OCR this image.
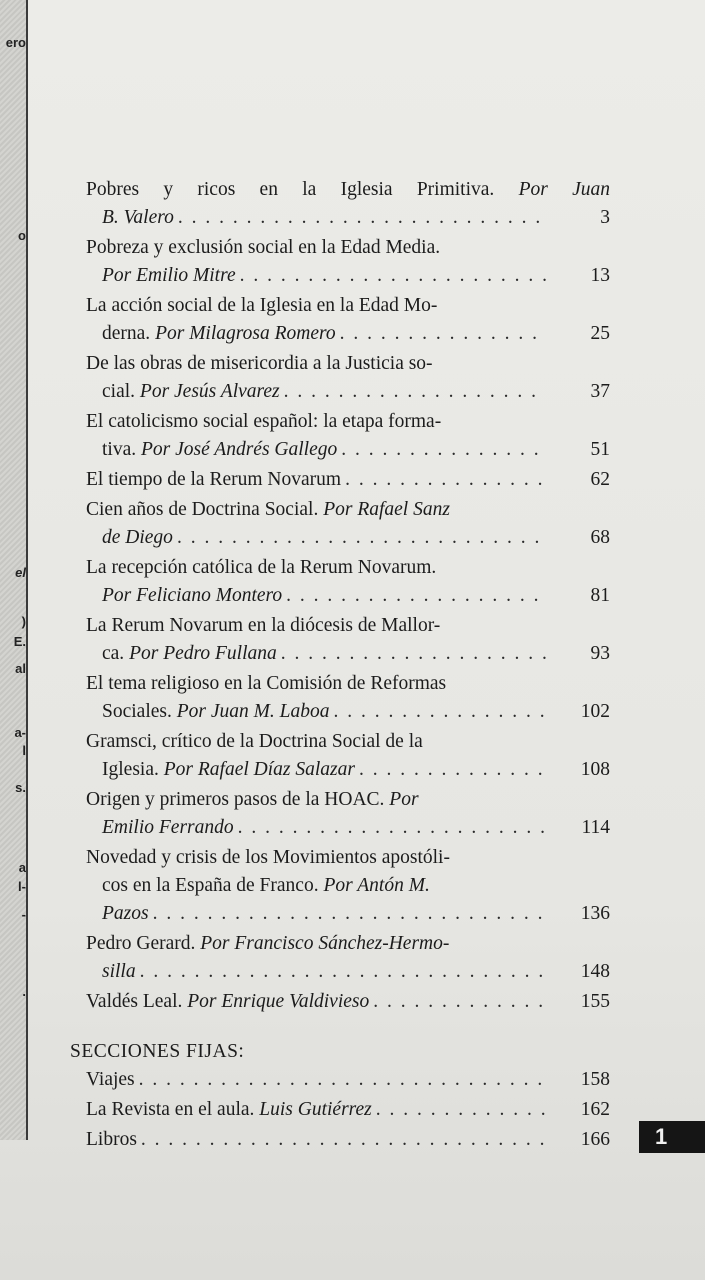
ero
o
el
)
E.
al
a-
l
s.
a
l-
-
.
Pobres y ricos en la Iglesia Primitiva. Por Juan
B. Valero . . .	3
Pobreza y exclusión social en la Edad Media.
Por Emilio Mitre . . .	13
La acción social de la Iglesia en la Edad Mo-
derna. Por Milagrosa Romero . . .	25
De las obras de misericordia a la Justicia so-
cial. Por Jesús Alvarez . . .	37
El catolicismo social español: la etapa forma-
tiva. Por José Andrés Gallego . . .	51
El tiempo de la Rerum Novarum . . .	62
Cien años de Doctrina Social. Por Rafael Sanz
de Diego . . .	68
La recepción católica de la Rerum Novarum.
Por Feliciano Montero . . .	81
La Rerum Novarum en la diócesis de Mallor-
ca. Por Pedro Fullana . . .	93
El tema religioso en la Comisión de Reformas
Sociales. Por Juan M. Laboa . . .	102
Gramsci, crítico de la Doctrina Social de la
Iglesia. Por Rafael Díaz Salazar . . .	108
Origen y primeros pasos de la HOAC. Por
Emilio Ferrando . . .	114
Novedad y crisis de los Movimientos apostóli-
cos en la España de Franco. Por Antón M.
Pazos . . .	136
Pedro Gerard. Por Francisco Sánchez-Hermo-
silla . . .	148
Valdés Leal. Por Enrique Valdivieso . . .	155
SECCIONES FIJAS:
Viajes . . .	158
La Revista en el aula. Luis Gutiérrez . . .	162
Libros . . .	166	1
